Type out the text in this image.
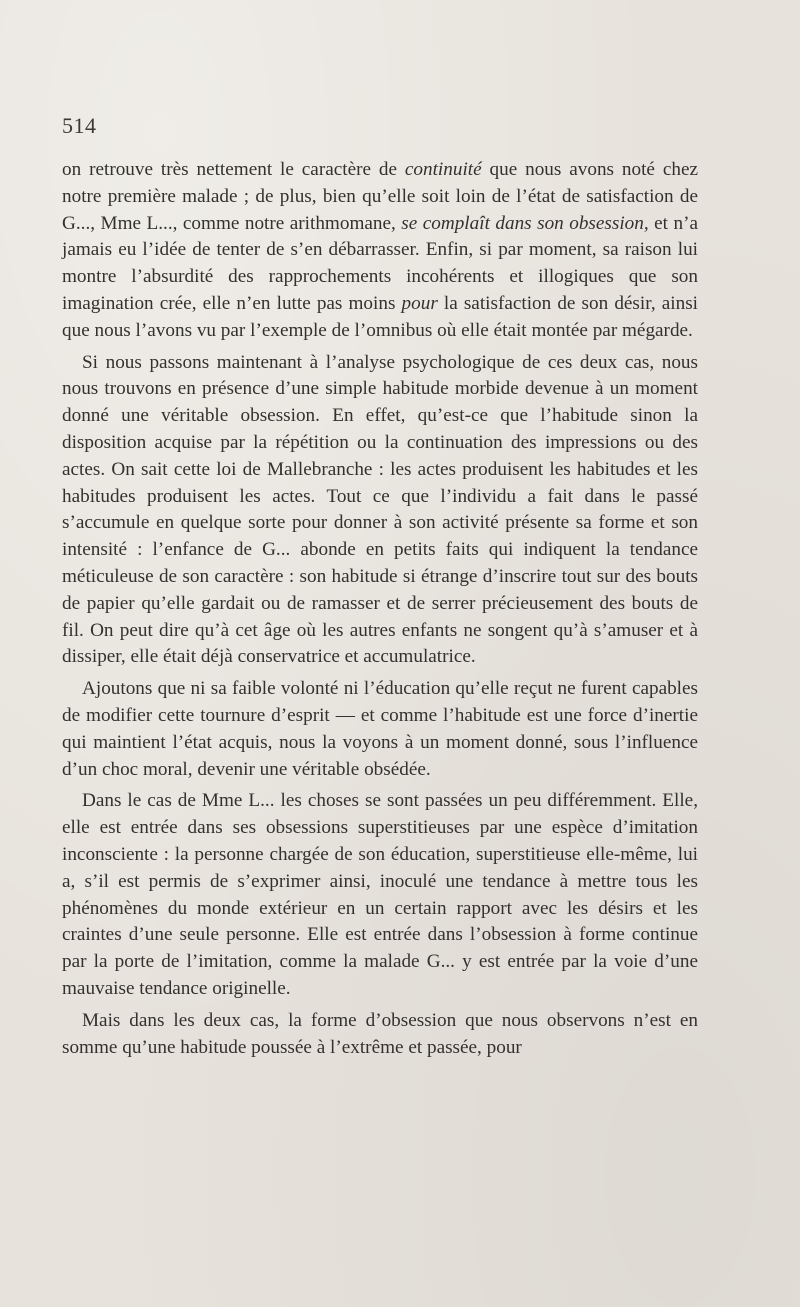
514

on retrouve très nettement le caractère de continuité que nous avons noté chez notre première malade ; de plus, bien qu’elle soit loin de l’état de satisfaction de G..., Mme L..., comme notre arithmomane, se complaît dans son obsession, et n’a jamais eu l’idée de tenter de s’en débarrasser. Enfin, si par moment, sa raison lui montre l’absurdité des rapprochements incohérents et illogiques que son imagination crée, elle n’en lutte pas moins pour la satisfaction de son désir, ainsi que nous l’avons vu par l’exemple de l’omnibus où elle était montée par mégarde.

Si nous passons maintenant à l’analyse psychologique de ces deux cas, nous nous trouvons en présence d’une simple habitude morbide devenue à un moment donné une véritable obsession. En effet, qu’est-ce que l’habitude sinon la disposition acquise par la répétition ou la continuation des impressions ou des actes. On sait cette loi de Mallebranche : les actes produisent les habitudes et les habitudes produisent les actes. Tout ce que l’individu a fait dans le passé s’accumule en quelque sorte pour donner à son activité présente sa forme et son intensité : l’enfance de G... abonde en petits faits qui indiquent la tendance méticuleuse de son caractère : son habitude si étrange d’inscrire tout sur des bouts de papier qu’elle gardait ou de ramasser et de serrer précieusement des bouts de fil. On peut dire qu’à cet âge où les autres enfants ne songent qu’à s’amuser et à dissiper, elle était déjà conservatrice et accumulatrice.

Ajoutons que ni sa faible volonté ni l’éducation qu’elle reçut ne furent capables de modifier cette tournure d’esprit — et comme l’habitude est une force d’inertie qui maintient l’état acquis, nous la voyons à un moment donné, sous l’influence d’un choc moral, devenir une véritable obsédée.

Dans le cas de Mme L... les choses se sont passées un peu différemment. Elle, elle est entrée dans ses obsessions superstitieuses par une espèce d’imitation inconsciente : la personne chargée de son éducation, superstitieuse elle-même, lui a, s’il est permis de s’exprimer ainsi, inoculé une tendance à mettre tous les phénomènes du monde extérieur en un certain rapport avec les désirs et les craintes d’une seule personne. Elle est entrée dans l’obsession à forme continue par la porte de l’imitation, comme la malade G... y est entrée par la voie d’une mauvaise tendance originelle.

Mais dans les deux cas, la forme d’obsession que nous observons n’est en somme qu’une habitude poussée à l’extrême et passée, pour
